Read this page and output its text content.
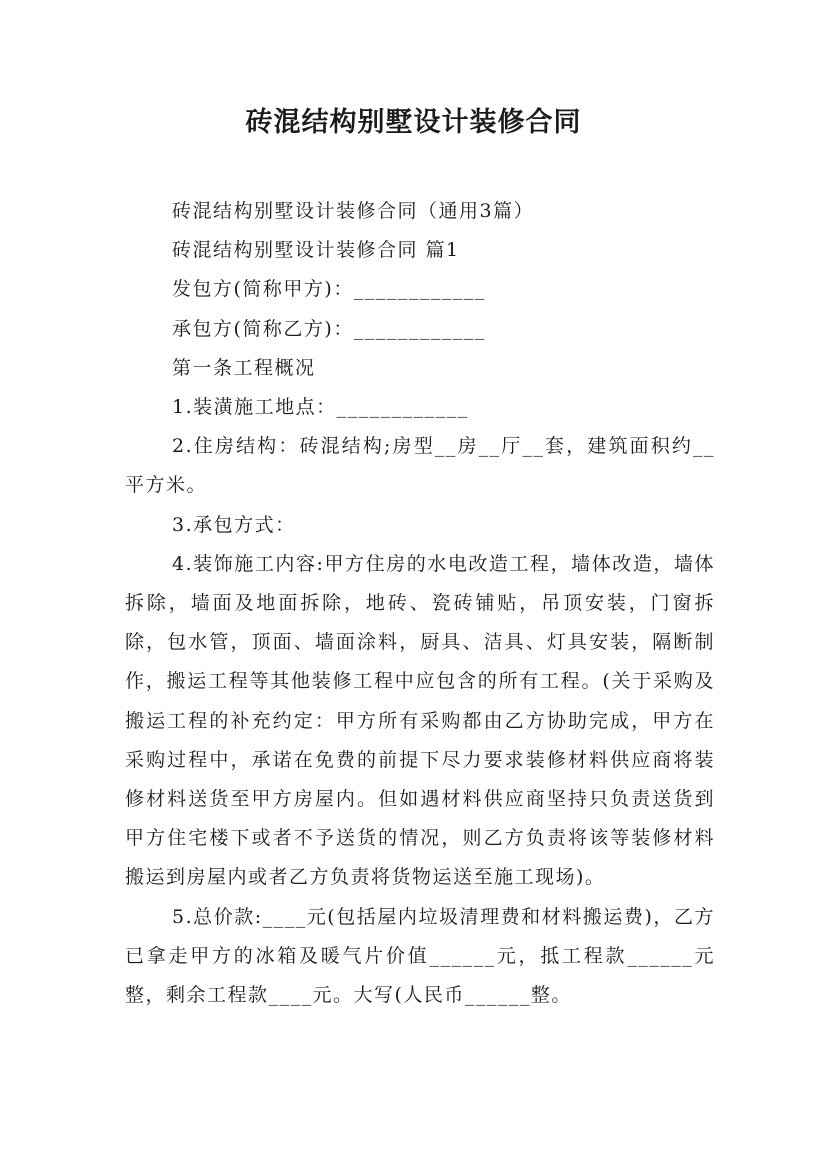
砖混结构别墅设计装修合同

砖混结构别墅设计装修合同（通用3篇）

砖混结构别墅设计装修合同 篇1

发包方(简称甲方)：____________

承包方(简称乙方)：____________

第一条工程概况

1.装潢施工地点：____________

2.住房结构：砖混结构;房型__房__厅__套，建筑面积约__平方米。

3.承包方式：

4.装饰施工内容:甲方住房的水电改造工程，墙体改造，墙体拆除，墙面及地面拆除，地砖、瓷砖铺贴，吊顶安装，门窗拆除，包水管，顶面、墙面涂料，厨具、洁具、灯具安装，隔断制作，搬运工程等其他装修工程中应包含的所有工程。(关于采购及搬运工程的补充约定：甲方所有采购都由乙方协助完成，甲方在采购过程中，承诺在免费的前提下尽力要求装修材料供应商将装修材料送货至甲方房屋内。但如遇材料供应商坚持只负责送货到甲方住宅楼下或者不予送货的情况，则乙方负责将该等装修材料搬运到房屋内或者乙方负责将货物运送至施工现场)。

5.总价款:____元(包括屋内垃圾清理费和材料搬运费)，乙方已拿走甲方的冰箱及暖气片价值______元，抵工程款______元整，剩余工程款____元。大写(人民币______整。
